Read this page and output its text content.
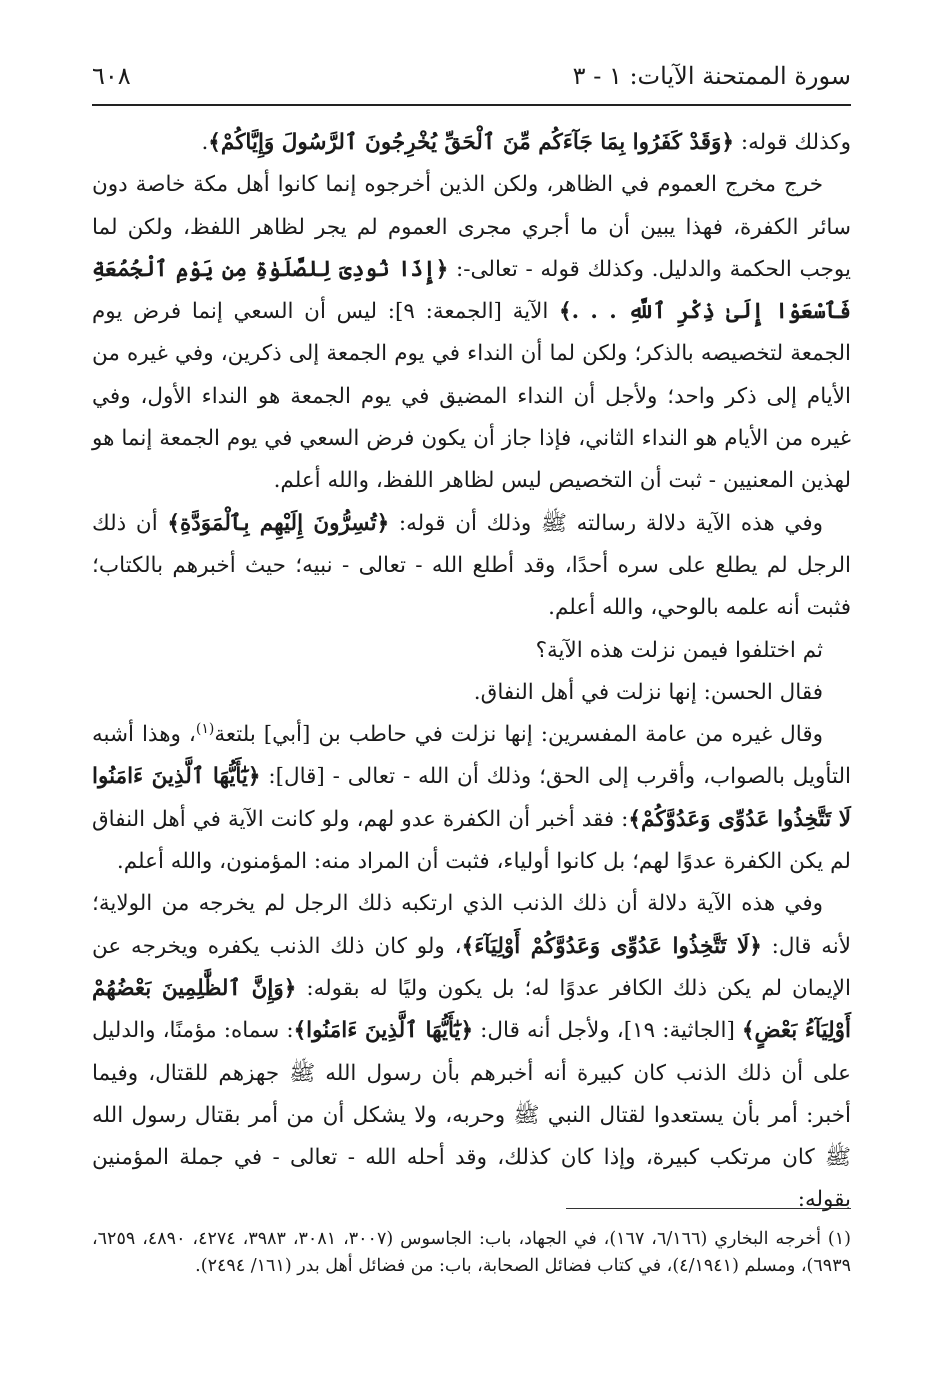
سورة الممتحنة الآيات: ١ - ٣
٦٠٨

وكذلك قوله: ﴿وَقَدْ كَفَرُوا بِمَا جَآءَكُم مِّنَ ٱلْحَقِّ يُخْرِجُونَ ٱلرَّسُولَ وَإِيَّاكُمْ﴾.

خرج مخرج العموم في الظاهر، ولكن الذين أخرجوه إنما كانوا أهل مكة خاصة دون سائر الكفرة، فهذا يبين أن ما أجري مجرى العموم لم يجر لظاهر اللفظ، ولكن لما يوجب الحكمة والدليل. وكذلك قوله - تعالى-: ﴿إِذَا نُودِىَ لِلصَّلَوٰةِ مِن يَوْمِ ٱلْجُمُعَةِ فَٱسْعَوْا إِلَىٰ ذِكْرِ ٱللَّهِ . . .﴾ الآية [الجمعة: ٩]: ليس أن السعي إنما فرض يوم الجمعة لتخصيصه بالذكر؛ ولكن لما أن النداء في يوم الجمعة إلى ذكرين، وفي غيره من الأيام إلى ذكر واحد؛ ولأجل أن النداء المضيق في يوم الجمعة هو النداء الأول، وفي غيره من الأيام هو النداء الثاني، فإذا جاز أن يكون فرض السعي في يوم الجمعة إنما هو لهذين المعنيين - ثبت أن التخصيص ليس لظاهر اللفظ، والله أعلم.

وفي هذه الآية دلالة رسالته ﷺ وذلك أن قوله: ﴿تُسِرُّونَ إِلَيْهِم بِٱلْمَوَدَّةِ﴾ أن ذلك الرجل لم يطلع على سره أحدًا، وقد أطلع الله - تعالى - نبيه؛ حيث أخبرهم بالكتاب؛ فثبت أنه علمه بالوحي، والله أعلم.

ثم اختلفوا فيمن نزلت هذه الآية؟

فقال الحسن: إنها نزلت في أهل النفاق.

وقال غيره من عامة المفسرين: إنها نزلت في حاطب بن [أبي] بلتعة$^{(١)}$، وهذا أشبه التأويل بالصواب، وأقرب إلى الحق؛ وذلك أن الله - تعالى - [قال]: ﴿يَٰٓأَيُّهَا ٱلَّذِينَ ءَامَنُوا لَا تَتَّخِذُوا عَدُوِّى وَعَدُوَّكُمْ﴾: فقد أخبر أن الكفرة عدو لهم، ولو كانت الآية في أهل النفاق لم يكن الكفرة عدوًا لهم؛ بل كانوا أولياء، فثبت أن المراد منه: المؤمنون، والله أعلم.

وفي هذه الآية دلالة أن ذلك الذنب الذي ارتكبه ذلك الرجل لم يخرجه من الولاية؛ لأنه قال: ﴿لَا تَتَّخِذُوا عَدُوِّى وَعَدُوَّكُمْ أَوْلِيَآءَ﴾، ولو كان ذلك الذنب يكفره ويخرجه عن الإيمان لم يكن ذلك الكافر عدوًا له؛ بل يكون وليًا له بقوله: ﴿وَإِنَّ ٱلظَّٰلِمِينَ بَعْضُهُمْ أَوْلِيَآءُ بَعْضٍ﴾ [الجاثية: ١٩]، ولأجل أنه قال: ﴿يَٰٓأَيُّهَا ٱلَّذِينَ ءَامَنُوا﴾: سماه: مؤمنًا، والدليل على أن ذلك الذنب كان كبيرة أنه أخبرهم بأن رسول الله ﷺ جهزهم للقتال، وفيما أخبر: أمر بأن يستعدوا لقتال النبي ﷺ وحربه، ولا يشكل أن من أمر بقتال رسول الله ﷺ كان مرتكب كبيرة، وإذا كان كذلك، وقد أحله الله - تعالى - في جملة المؤمنين بقوله:

(١) أخرجه البخاري (٦/١٦٦، ١٦٧)، في الجهاد، باب: الجاسوس (٣٠٠٧، ٣٠٨١، ٣٩٨٣، ٤٢٧٤، ٤٨٩٠، ٦٢٥٩، ٦٩٣٩)، ومسلم (٤/١٩٤١)، في كتاب فضائل الصحابة، باب: من فضائل أهل بدر (١٦١/ ٢٤٩٤).
